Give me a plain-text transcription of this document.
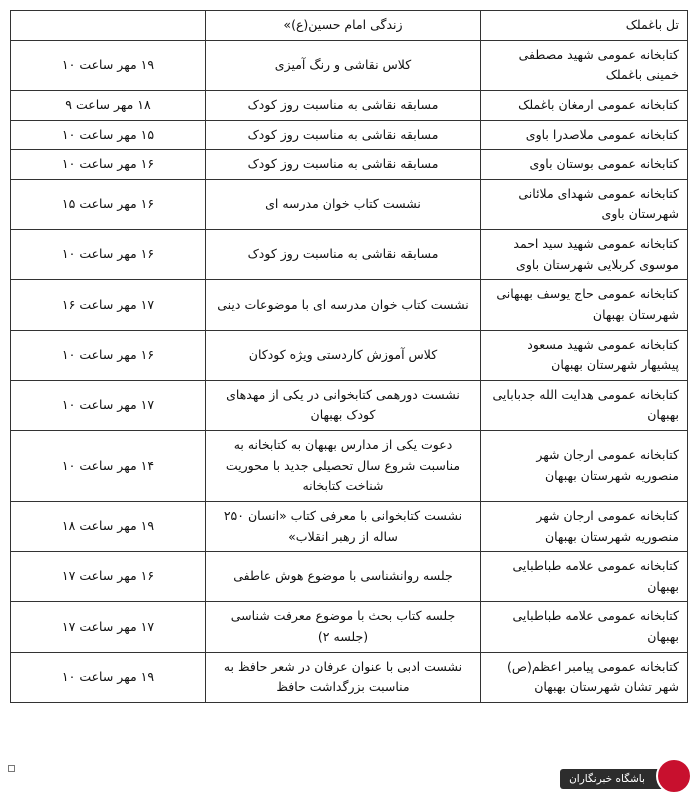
تل باغملک	زندگی امام حسین(ع)»	
کتابخانه عمومی شهید مصطفی خمینی باغملک	کلاس نقاشی و رنگ آمیزی	۱۹ مهر ساعت ۱۰
کتابخانه عمومی ارمغان باغملک	مسابقه نقاشی به مناسبت روز کودک	۱۸ مهر ساعت ۹
کتابخانه عمومی ملاصدرا باوی	مسابقه نقاشی به مناسبت روز کودک	۱۵ مهر ساعت ۱۰
کتابخانه عمومی بوستان باوی	مسابقه نقاشی به مناسبت روز کودک	۱۶ مهر ساعت ۱۰
کتابخانه عمومی شهدای ملائانی شهرستان باوی	نشست کتاب خوان مدرسه ای	۱۶ مهر ساعت ۱۵
کتابخانه عمومی شهید سید احمد موسوی کربلایی شهرستان باوی	مسابقه نقاشی به مناسبت روز کودک	۱۶ مهر ساعت ۱۰
کتابخانه عمومی حاج یوسف بهبهانی شهرستان بهبهان	نشست کتاب خوان مدرسه ای با موضوعات دینی	۱۷ مهر ساعت ۱۶
کتابخانه عمومی شهید مسعود پیشیهار شهرستان بهبهان	کلاس آموزش کاردستی ویژه کودکان	۱۶ مهر ساعت ۱۰
کتابخانه عمومی هدایت الله جدبابایی بهبهان	نشست دورهمی کتابخوانی در یکی از مهدهای کودک بهبهان	۱۷ مهر ساعت ۱۰
کتابخانه عمومی ارجان شهر منصوریه شهرستان بهبهان	دعوت یکی از مدارس بهبهان به کتابخانه به مناسبت شروع سال تحصیلی جدید با محوریت شناخت کتابخانه	۱۴ مهر ساعت ۱۰
کتابخانه عمومی ارجان شهر منصوریه شهرستان بهبهان	نشست کتابخوانی با معرفی کتاب «انسان ۲۵۰ ساله از رهبر انقلاب»	۱۹ مهر ساعت ۱۸
کتابخانه عمومی علامه طباطبایی بهبهان	جلسه روانشناسی با موضوع هوش عاطفی	۱۶ مهر ساعت ۱۷
کتابخانه عمومی علامه طباطبایی بهبهان	جلسه کتاب بحث با موضوع معرفت شناسی (جلسه ۲)	۱۷ مهر ساعت ۱۷
کتابخانه عمومی پیامبر اعظم(ص) شهر تشان شهرستان بهبهان	نشست ادبی با عنوان عرفان در شعر حافظ به مناسبت بزرگداشت حافظ	۱۹ مهر ساعت ۱۰
باشگاه خبرنگاران
